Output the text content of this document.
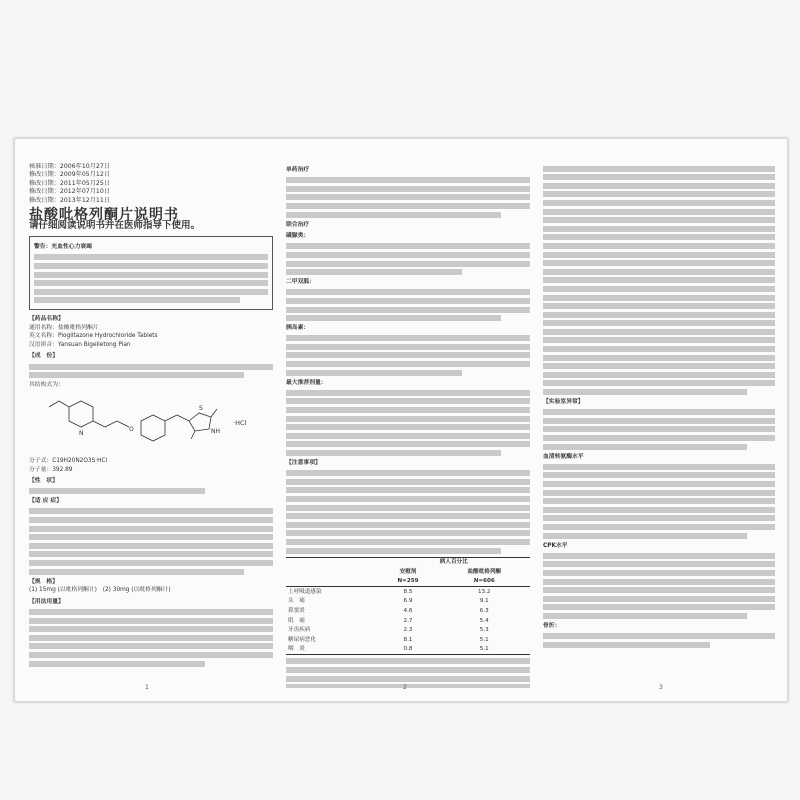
核准日期：2006年10月27日
修改日期：2009年05月12日
修改日期：2011年05月25日
修改日期：2012年07月10日
修改日期：2013年12月11日
盐酸吡格列酮片说明书
请仔细阅读说明书并在医师指导下使用。
警告：充血性心力衰竭
【药品名称】
通用名称：盐酸吡格列酮片
英文名称：Pioglitazone Hydrochloride Tablets
汉语拼音：Yansuan Bigelietong Pian
【成　份】
其结构式为：
O
N
S
NH
·HCl
分子式：C19H20N2O3S·HCl
分子量：392.89
【性　状】
【适 应 症】
【规　格】
(1) 15mg (以吡格列酮计)　(2) 30mg (以吡格列酮计)
【用法用量】
单药治疗
联合治疗
磺脲类：
二甲双胍：
胰岛素：
最大推荐剂量：
【注意事项】
	病人百分比	
	安慰剂	盐酸吡格列酮
	N=259	N=606
上呼吸道感染	8.5	13.2
头　痛	6.9	9.1
鼻窦炎	4.6	6.3
肌　痛	2.7	5.4
牙齿疾病	2.3	5.3
糖尿病恶化	8.1	5.1
咽　炎	0.8	5.1
【实验室异常】
血清转氨酶水平
CPK水平
骨折：
1	2	3
